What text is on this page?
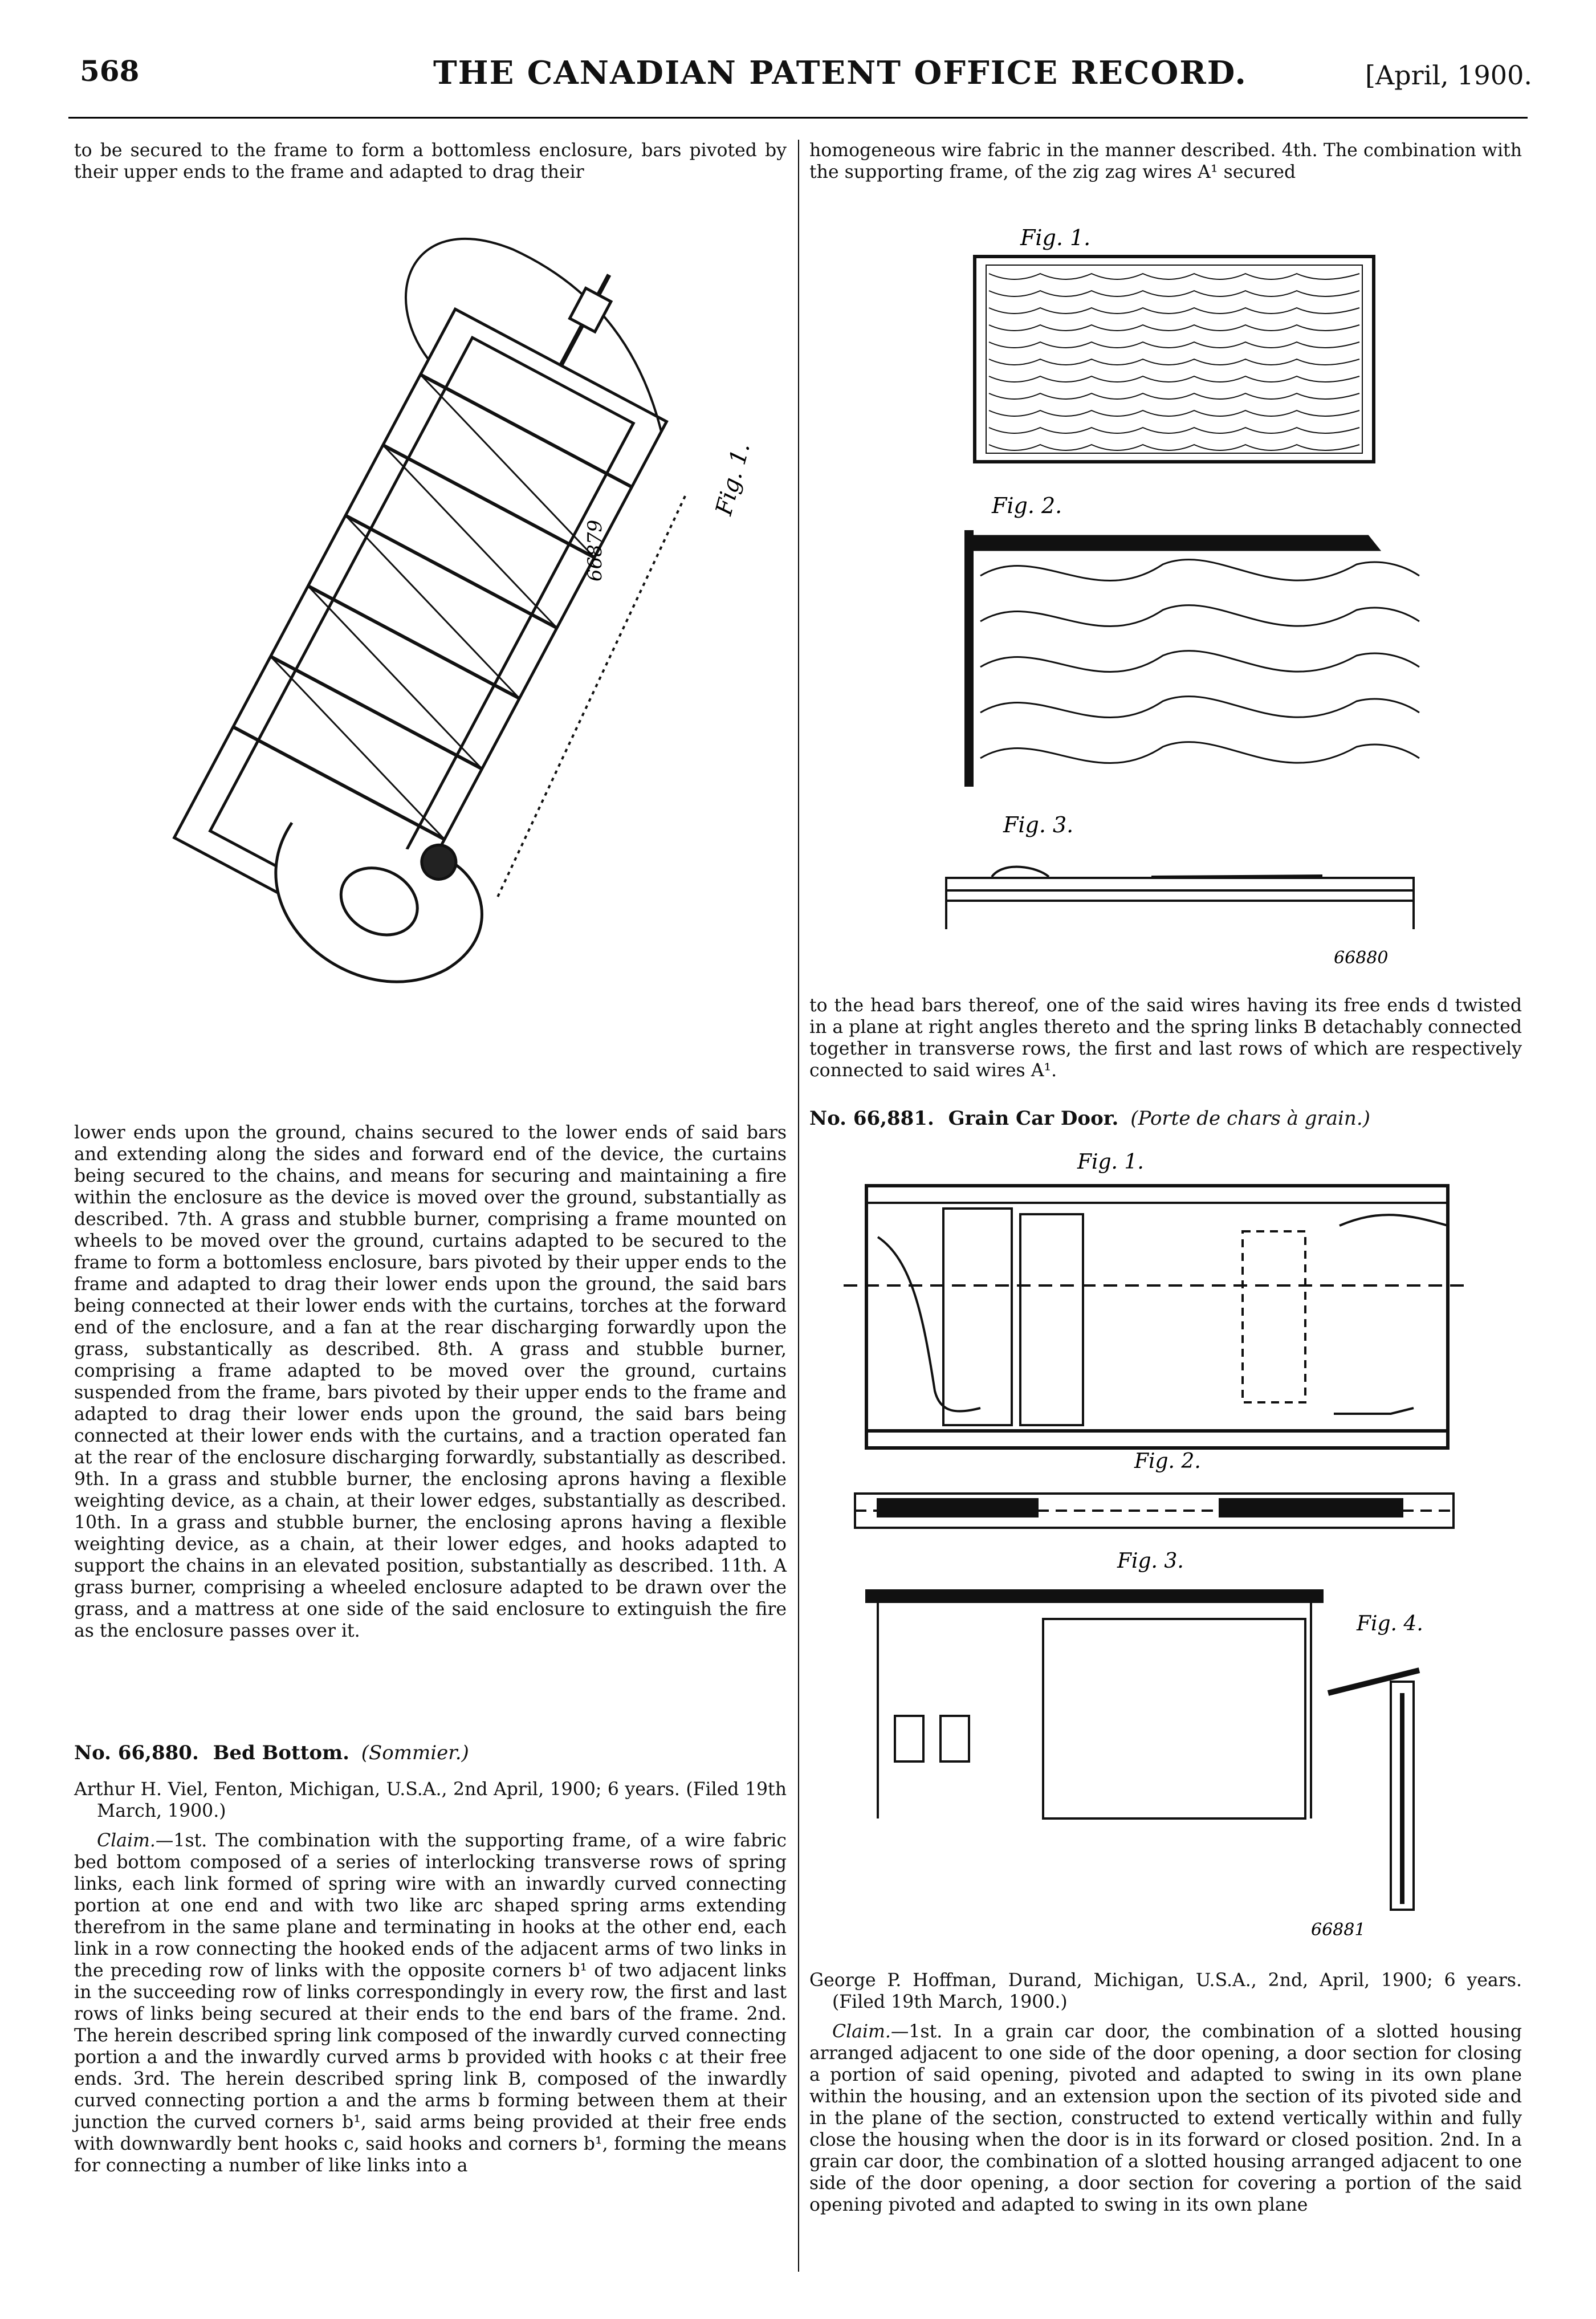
568	THE CANADIAN PATENT OFFICE RECORD.	[April, 1900.

to be secured to the frame to form a bottomless enclosure, bars pivoted by their upper ends to the frame and adapted to drag their

Fig. 1.
66879

lower ends upon the ground, chains secured to the lower ends of said bars and extending along the sides and forward end of the device, the curtains being secured to the chains, and means for securing and maintaining a fire within the enclosure as the device is moved over the ground, substantially as described. 7th. A grass and stubble burner, comprising a frame mounted on wheels to be moved over the ground, curtains adapted to be secured to the frame to form a bottomless enclosure, bars pivoted by their upper ends to the frame and adapted to drag their lower ends upon the ground, the said bars being connected at their lower ends with the curtains, torches at the forward end of the enclosure, and a fan at the rear discharging forwardly upon the grass, substantically as described. 8th. A grass and stubble burner, comprising a frame adapted to be moved over the ground, curtains suspended from the frame, bars pivoted by their upper ends to the frame and adapted to drag their lower ends upon the ground, the said bars being connected at their lower ends with the curtains, and a traction operated fan at the rear of the enclosure discharging forwardly, substantially as described. 9th. In a grass and stubble burner, the enclosing aprons having a flexible weighting device, as a chain, at their lower edges, substantially as described. 10th. In a grass and stubble burner, the enclosing aprons having a flexible weighting device, as a chain, at their lower edges, and hooks adapted to support the chains in an elevated position, substantially as described. 11th. A grass burner, comprising a wheeled enclosure adapted to be drawn over the grass, and a mattress at one side of the said enclosure to extinguish the fire as the enclosure passes over it.

No. 66,880. Bed Bottom. (Sommier.)

Arthur H. Viel, Fenton, Michigan, U.S.A., 2nd April, 1900; 6 years. (Filed 19th March, 1900.)

Claim.—1st. The combination with the supporting frame, of a wire fabric bed bottom composed of a series of interlocking transverse rows of spring links, each link formed of spring wire with an inwardly curved connecting portion at one end and with two like arc shaped spring arms extending therefrom in the same plane and terminating in hooks at the other end, each link in a row connecting the hooked ends of the adjacent arms of two links in the preceding row of links with the opposite corners b¹ of two adjacent links in the succeeding row of links correspondingly in every row, the first and last rows of links being secured at their ends to the end bars of the frame. 2nd. The herein described spring link composed of the inwardly curved connecting portion a and the inwardly curved arms b provided with hooks c at their free ends. 3rd. The herein described spring link B, composed of the inwardly curved connecting portion a and the arms b forming between them at their junction the curved corners b¹, said arms being provided at their free ends with downwardly bent hooks c, said hooks and corners b¹, forming the means for connecting a number of like links into a

homogeneous wire fabric in the manner described. 4th. The combination with the supporting frame, of the zig zag wires A¹ secured

Fig. 1.
Fig. 2.
Fig. 3.
66880

to the head bars thereof, one of the said wires having its free ends d twisted in a plane at right angles thereto and the spring links B detachably connected together in transverse rows, the first and last rows of which are respectively connected to said wires A¹.

No. 66,881. Grain Car Door. (Porte de chars à grain.)
Fig. 1.
Fig. 2.
Fig. 3.
Fig. 4.
66881

George P. Hoffman, Durand, Michigan, U.S.A., 2nd, April, 1900; 6 years. (Filed 19th March, 1900.)

Claim.—1st. In a grain car door, the combination of a slotted housing arranged adjacent to one side of the door opening, a door section for closing a portion of said opening, pivoted and adapted to swing in its own plane within the housing, and an extension upon the section of its pivoted side and in the plane of the section, constructed to extend vertically within and fully close the housing when the door is in its forward or closed position. 2nd. In a grain car door, the combination of a slotted housing arranged adjacent to one side of the door opening, a door section for covering a portion of the said opening pivoted and adapted to swing in its own plane
